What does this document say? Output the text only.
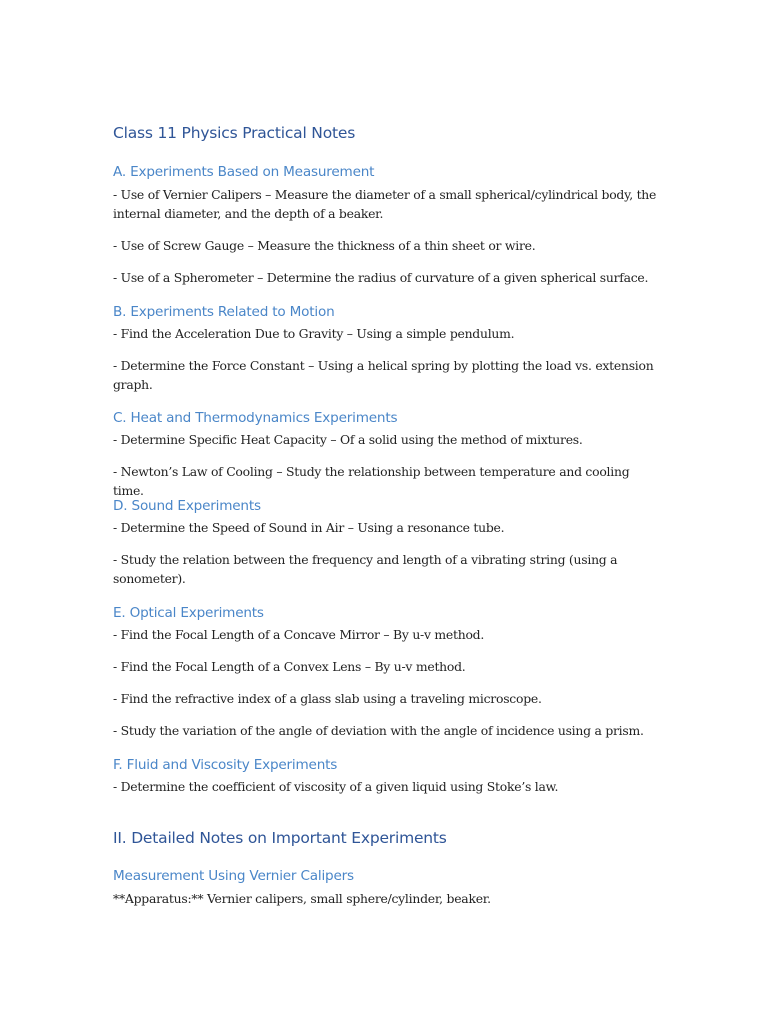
Class 11 Physics Practical Notes
A. Experiments Based on Measurement

- Use of Vernier Calipers – Measure the diameter of a small spherical/cylindrical body, the internal diameter, and the depth of a beaker.

- Use of Screw Gauge – Measure the thickness of a thin sheet or wire.

- Use of a Spherometer – Determine the radius of curvature of a given spherical surface.

B. Experiments Related to Motion

- Find the Acceleration Due to Gravity – Using a simple pendulum.

- Determine the Force Constant – Using a helical spring by plotting the load vs. extension graph.

C. Heat and Thermodynamics Experiments

- Determine Specific Heat Capacity – Of a solid using the method of mixtures.

- Newton’s Law of Cooling – Study the relationship between temperature and cooling time.

D. Sound Experiments

- Determine the Speed of Sound in Air – Using a resonance tube.

- Study the relation between the frequency and length of a vibrating string (using a sonometer).

E. Optical Experiments

- Find the Focal Length of a Concave Mirror – By u-v method.

- Find the Focal Length of a Convex Lens – By u-v method.

- Find the refractive index of a glass slab using a traveling microscope.

- Study the variation of the angle of deviation with the angle of incidence using a prism.

F. Fluid and Viscosity Experiments

- Determine the coefficient of viscosity of a given liquid using Stoke’s law.

II. Detailed Notes on Important Experiments
Measurement Using Vernier Calipers

**Apparatus:** Vernier calipers, small sphere/cylinder, beaker.
